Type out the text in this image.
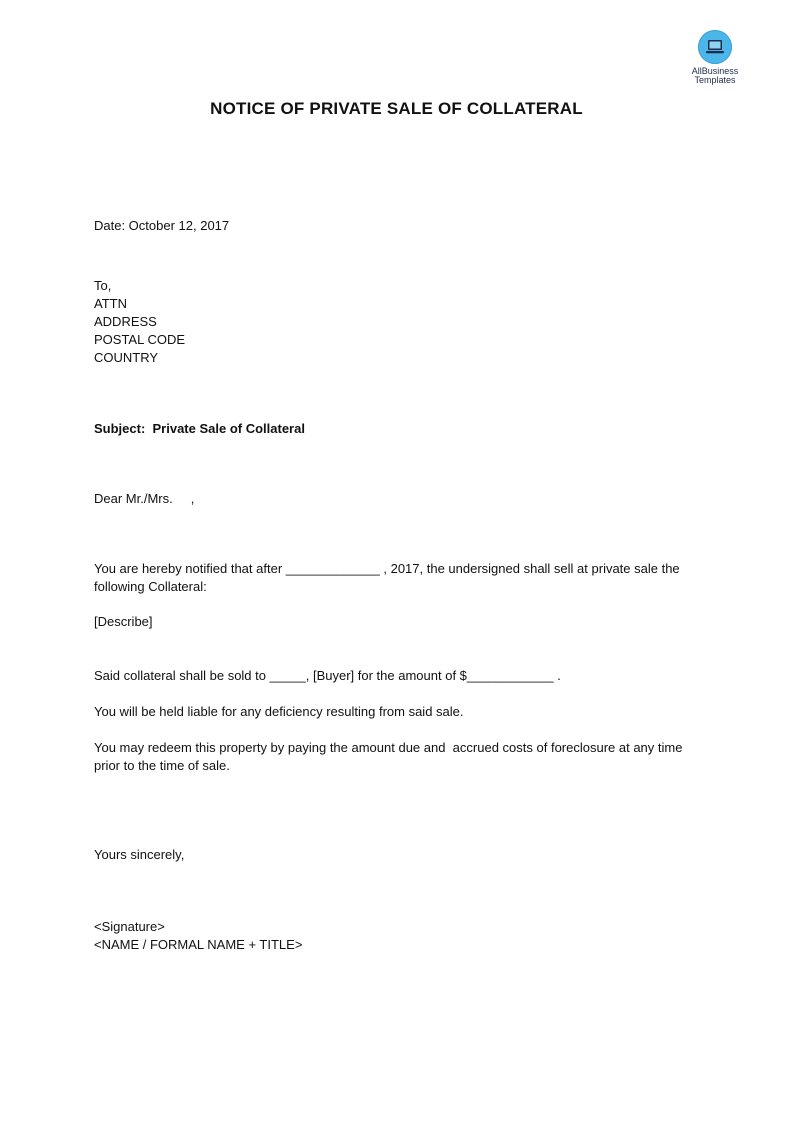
AllBusiness
Templates
NOTICE OF PRIVATE SALE OF COLLATERAL
Date: October 12, 2017
To,
ATTN
ADDRESS
POSTAL CODE
COUNTRY
Subject:  Private Sale of Collateral
Dear Mr./Mrs.     ,
You are hereby notified that after _____________ , 2017, the undersigned shall sell at private sale the
following Collateral:
[Describe]
Said collateral shall be sold to _____, [Buyer] for the amount of $____________ .
You will be held liable for any deficiency resulting from said sale.
You may redeem this property by paying the amount due and  accrued costs of foreclosure at any time
prior to the time of sale.
Yours sincerely,
<Signature>
<NAME / FORMAL NAME + TITLE>
